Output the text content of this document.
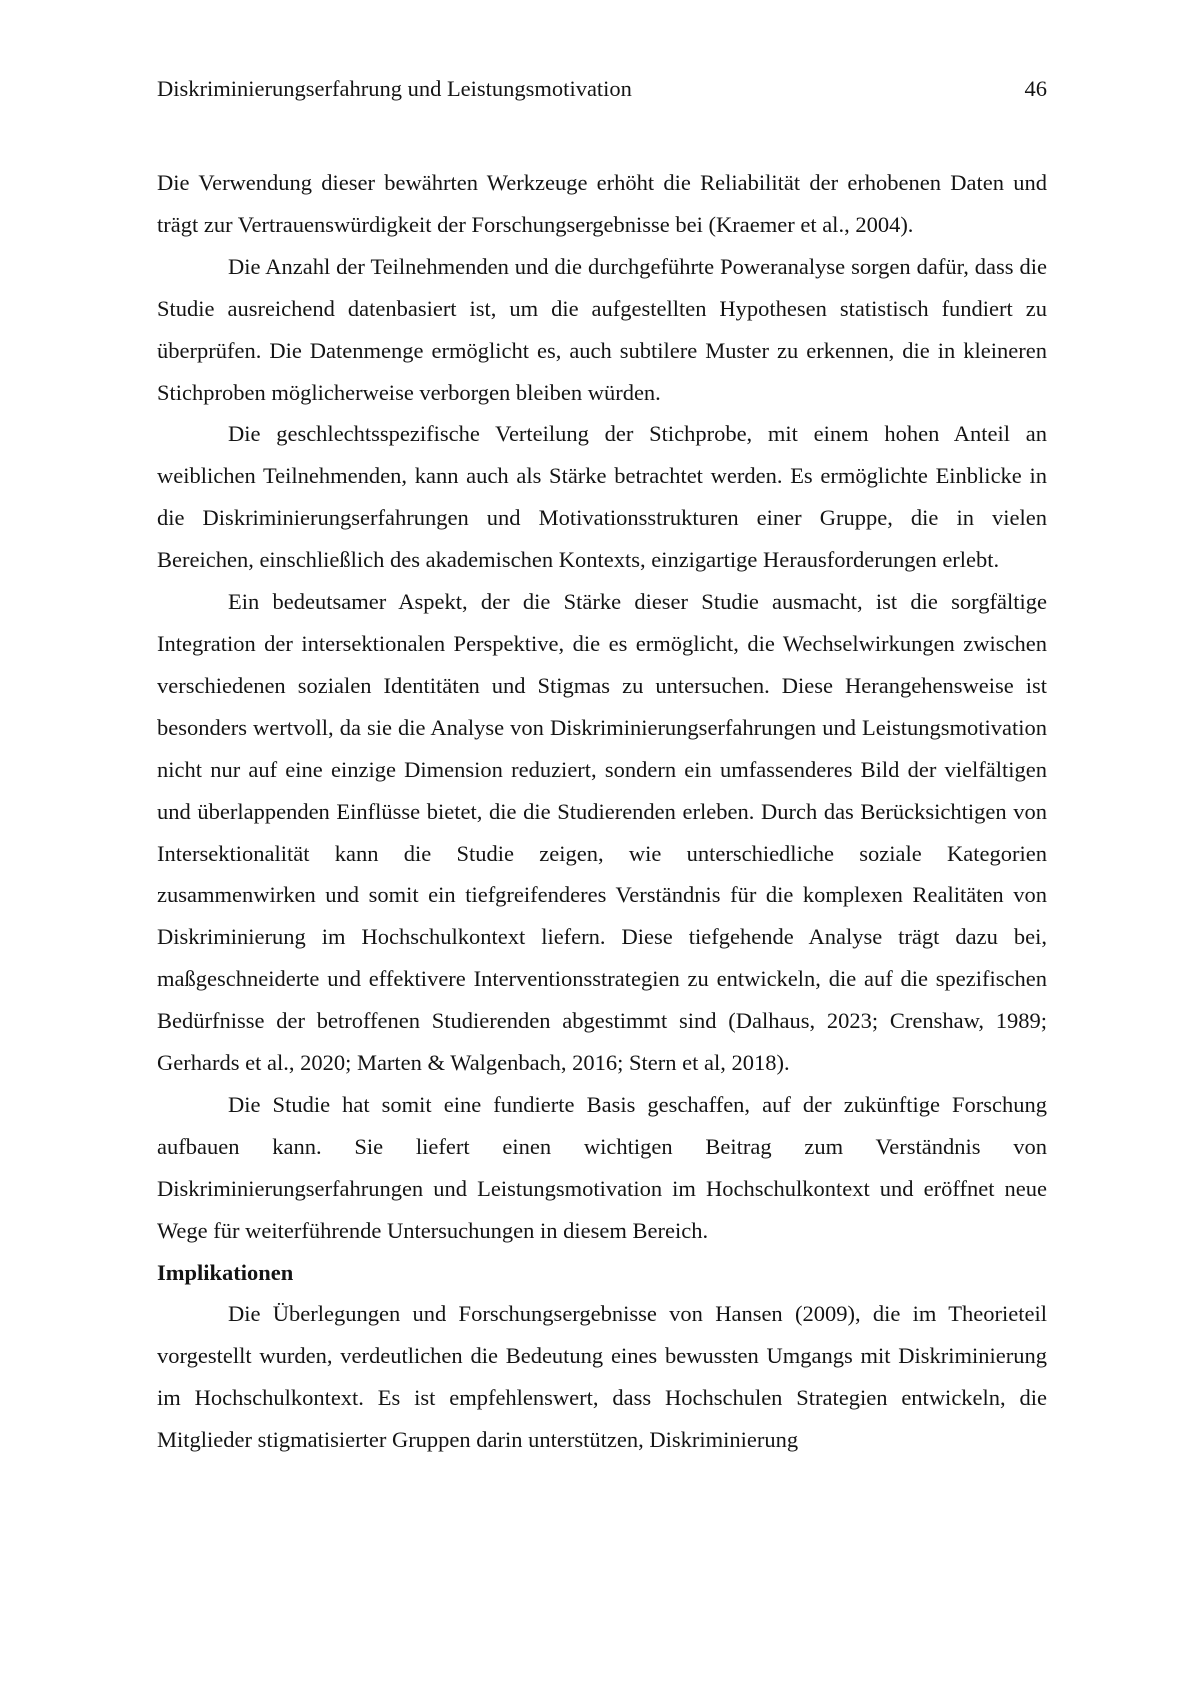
Diskriminierungserfahrung und Leistungsmotivation	46

Die Verwendung dieser bewährten Werkzeuge erhöht die Reliabilität der erhobenen Daten und trägt zur Vertrauenswürdigkeit der Forschungsergebnisse bei (Kraemer et al., 2004).

Die Anzahl der Teilnehmenden und die durchgeführte Poweranalyse sorgen dafür, dass die Studie ausreichend datenbasiert ist, um die aufgestellten Hypothesen statistisch fundiert zu überprüfen. Die Datenmenge ermöglicht es, auch subtilere Muster zu erkennen, die in kleineren Stichproben möglicherweise verborgen bleiben würden.

Die geschlechtsspezifische Verteilung der Stichprobe, mit einem hohen Anteil an weiblichen Teilnehmenden, kann auch als Stärke betrachtet werden. Es ermöglichte Einblicke in die Diskriminierungserfahrungen und Motivationsstrukturen einer Gruppe, die in vielen Bereichen, einschließlich des akademischen Kontexts, einzigartige Herausforderungen erlebt.

Ein bedeutsamer Aspekt, der die Stärke dieser Studie ausmacht, ist die sorgfältige Integration der intersektionalen Perspektive, die es ermöglicht, die Wechselwirkungen zwischen verschiedenen sozialen Identitäten und Stigmas zu untersuchen. Diese Herangehensweise ist besonders wertvoll, da sie die Analyse von Diskriminierungserfahrungen und Leistungsmotivation nicht nur auf eine einzige Dimension reduziert, sondern ein umfassenderes Bild der vielfältigen und überlappenden Einflüsse bietet, die die Studierenden erleben. Durch das Berücksichtigen von Intersektionalität kann die Studie zeigen, wie unterschiedliche soziale Kategorien zusammenwirken und somit ein tiefgreifenderes Verständnis für die komplexen Realitäten von Diskriminierung im Hochschulkontext liefern. Diese tiefgehende Analyse trägt dazu bei, maßgeschneiderte und effektivere Interventionsstrategien zu entwickeln, die auf die spezifischen Bedürfnisse der betroffenen Studierenden abgestimmt sind (Dalhaus, 2023; Crenshaw, 1989; Gerhards et al., 2020; Marten & Walgenbach, 2016; Stern et al, 2018).

Die Studie hat somit eine fundierte Basis geschaffen, auf der zukünftige Forschung aufbauen kann. Sie liefert einen wichtigen Beitrag zum Verständnis von Diskriminierungserfahrungen und Leistungsmotivation im Hochschulkontext und eröffnet neue Wege für weiterführende Untersuchungen in diesem Bereich.

Implikationen

Die Überlegungen und Forschungsergebnisse von Hansen (2009), die im Theorieteil vorgestellt wurden, verdeutlichen die Bedeutung eines bewussten Umgangs mit Diskriminierung im Hochschulkontext. Es ist empfehlenswert, dass Hochschulen Strategien entwickeln, die Mitglieder stigmatisierter Gruppen darin unterstützen, Diskriminierung
